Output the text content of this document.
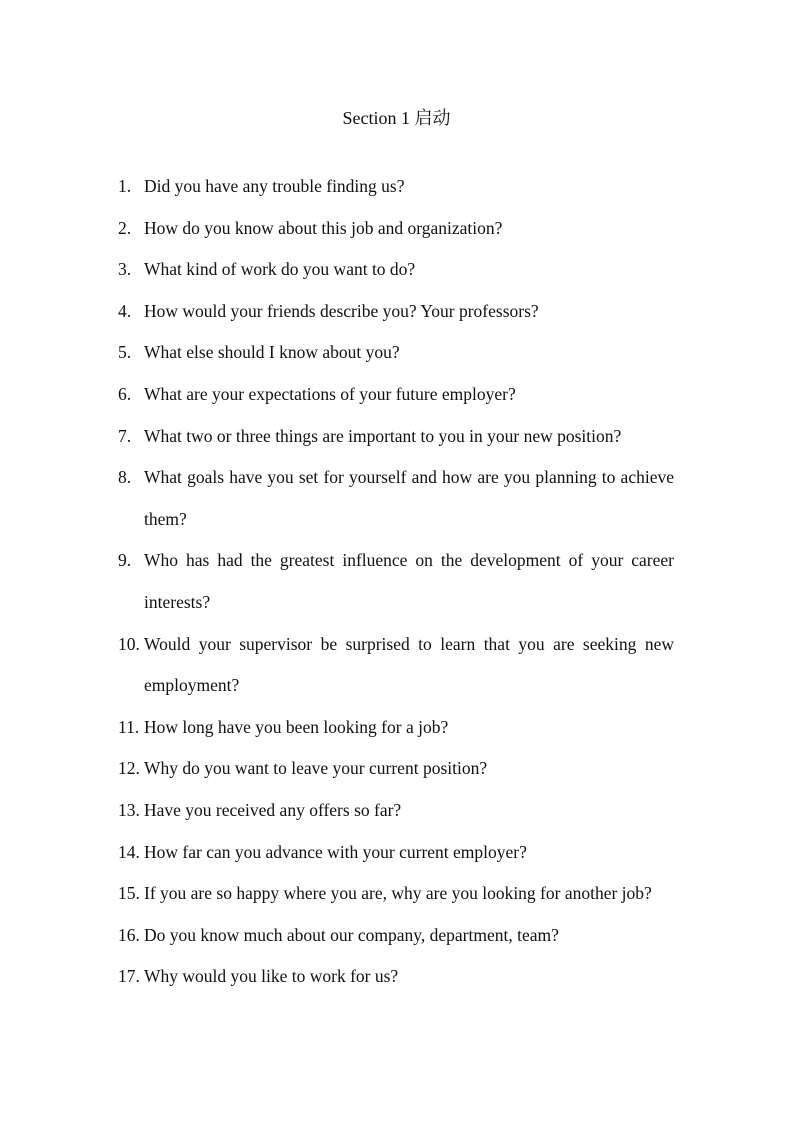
Section 1 启动
1. Did you have any trouble finding us?
2. How do you know about this job and organization?
3. What kind of work do you want to do?
4. How would your friends describe you? Your professors?
5. What else should I know about you?
6. What are your expectations of your future employer?
7. What two or three things are important to you in your new position?
8. What goals have you set for yourself and how are you planning to achieve them?
9. Who has had the greatest influence on the development of your career interests?
10. Would your supervisor be surprised to learn that you are seeking new employment?
11. How long have you been looking for a job?
12. Why do you want to leave your current position?
13. Have you received any offers so far?
14. How far can you advance with your current employer?
15. If you are so happy where you are, why are you looking for another job?
16. Do you know much about our company, department, team?
17. Why would you like to work for us?
